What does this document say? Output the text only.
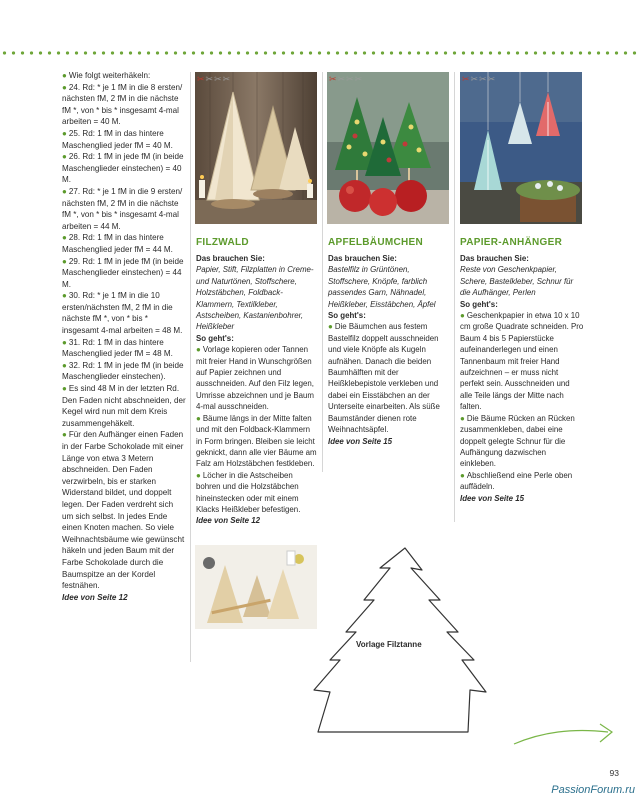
● Wie folgt weiterhäkeln:

● 24. Rd: * je 1 fM in die 8 ersten/ nächsten fM, 2 fM in die nächste fM *, von * bis * insgesamt 4-mal arbeiten = 40 M.

● 25. Rd: 1 fM in das hintere Maschenglied jeder fM = 40 M.

● 26. Rd: 1 fM in jede fM (in beide Maschenglieder einstechen) = 40 M.

● 27. Rd: * je 1 fM in die 9 ersten/ nächsten fM, 2 fM in die nächste fM *, von * bis * insgesamt 4-mal arbeiten = 44 M.

● 28. Rd: 1 fM in das hintere Maschenglied jeder fM = 44 M.

● 29. Rd: 1 fM in jede fM (in beide Maschenglieder einstechen) = 44 M.

● 30. Rd: * je 1 fM in die 10 ersten/nächsten fM, 2 fM in die nächste fM *, von * bis * insgesamt 4-mal arbeiten = 48 M.

● 31. Rd: 1 fM in das hintere Maschenglied jeder fM = 48 M.

● 32. Rd: 1 fM in jede fM (in beide Maschenglieder einstechen).

● Es sind 48 M in der letzten Rd. Den Faden nicht abschneiden, der Kegel wird nun mit dem Kreis zusammengehäkelt.

● Für den Aufhänger einen Faden in der Farbe Schokolade mit einer Länge von etwa 3 Metern abschneiden. Den Faden verzwirbeln, bis er starken Widerstand bildet, und doppelt legen. Der Faden verdreht sich um sich selbst. In jedes Ende einen Knoten machen. So viele Weihnachtsbäume wie gewünscht häkeln und jeden Baum mit der Farbe Schokolade durch die Baumspitze an der Kordel festnähen.

Idee von Seite 12

✂✂✂✂	✂✂✂✂	✂✂✂✂
FILZWALD

Das brauchen Sie:

Papier, Stift, Filzplatten in Creme- und Naturtönen, Stoffschere, Holzstäbchen, Foldback-Klammern, Textilkleber, Astscheiben, Kastanienbohrer, Heißkleber

So geht's:

● Vorlage kopieren oder Tannen mit freier Hand in Wunschgrößen auf Papier zeichnen und ausschneiden. Auf den Filz legen, Umrisse abzeichnen und je Baum 4-mal ausschneiden.

● Bäume längs in der Mitte falten und mit den Foldback-Klammern in Form bringen. Bleiben sie leicht geknickt, dann alle vier Bäume am Falz am Holzstäbchen festkleben.

● Löcher in die Astscheiben bohren und die Holzstäbchen hineinstecken oder mit einem Klacks Heißkleber befestigen.

Idee von Seite 12

APFELBÄUMCHEN

Das brauchen Sie:

Bastelfilz in Grüntönen, Stoffschere, Knöpfe, farblich passendes Garn, Nähnadel, Heißkleber, Eisstäbchen, Äpfel

So geht's:

● Die Bäumchen aus festem Bastelfilz doppelt ausschneiden und viele Knöpfe als Kugeln aufnähen. Danach die beiden Baumhälften mit der Heißklebepistole verkleben und dabei ein Eisstäbchen an der Unterseite einarbeiten. Als süße Baumständer dienen rote Weihnachtsäpfel.

Idee von Seite 15

PAPIER-ANHÄNGER

Das brauchen Sie:

Reste von Geschenkpapier, Schere, Bastelkleber, Schnur für die Aufhänger, Perlen

So geht's:

● Geschenkpapier in etwa 10 x 10 cm große Quadrate schneiden. Pro Baum 4 bis 5 Papierstücke aufeinanderlegen und einen Tannenbaum mit freier Hand aufzeichnen – er muss nicht perfekt sein. Ausschneiden und alle Teile längs der Mitte nach falten.

● Die Bäume Rücken an Rücken zusammenkleben, dabei eine doppelt gelegte Schnur für die Aufhängung dazwischen einkleben.

● Abschließend eine Perle oben auffädeln.

Idee von Seite 15

Vorlage Filztanne
93
PassionForum.ru
